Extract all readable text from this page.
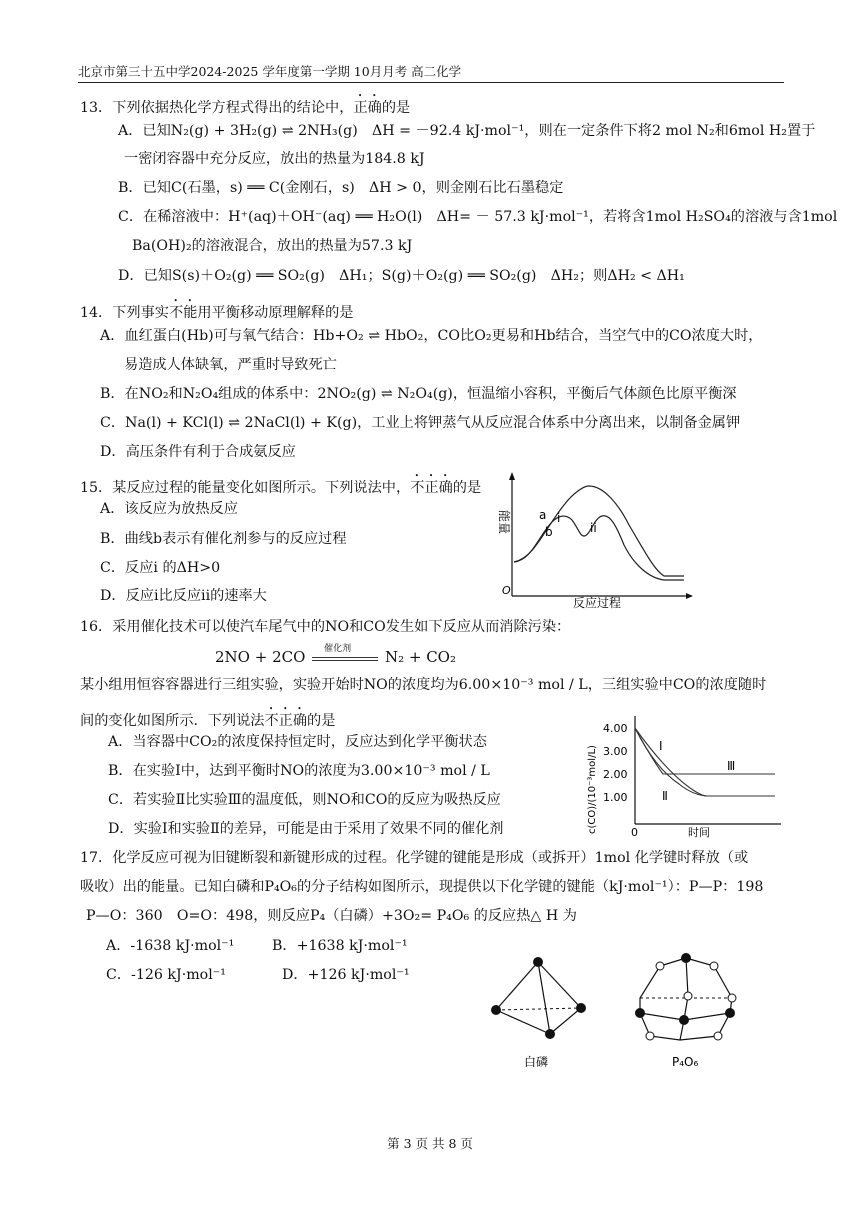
北京市第三十五中学2024-2025 学年度第一学期 10月月考 高二化学
13．下列依据热化学方程式得出的结论中，正确的是
A．已知N₂(g) + 3H₂(g) ⇌ 2NH₃(g)　ΔH = －92.4 kJ·mol⁻¹，则在一定条件下将2 mol N₂和6mol H₂置于
一密闭容器中充分反应，放出的热量为184.8 kJ
B．已知C(石墨，s) ══ C(金刚石，s)　ΔH > 0，则金刚石比石墨稳定
C．在稀溶液中：H⁺(aq)＋OH⁻(aq) ══ H₂O(l)　ΔH= － 57.3 kJ·mol⁻¹，若将含1mol H₂SO₄的溶液与含1mol
Ba(OH)₂的溶液混合，放出的热量为57.3 kJ
D．已知S(s)＋O₂(g) ══ SO₂(g)　ΔH₁；S(g)＋O₂(g) ══ SO₂(g)　ΔH₂；则ΔH₂ < ΔH₁
14．下列事实不能用平衡移动原理解释的是
A．血红蛋白(Hb)可与氧气结合：Hb+O₂ ⇌ HbO₂，CO比O₂更易和Hb结合，当空气中的CO浓度大时，
易造成人体缺氧，严重时导致死亡
B．在NO₂和N₂O₄组成的体系中：2NO₂(g) ⇌ N₂O₄(g)，恒温缩小容积，平衡后气体颜色比原平衡深
C．Na(l) + KCl(l) ⇌ 2NaCl(l) + K(g)，工业上将钾蒸气从反应混合体系中分离出来，以制备金属钾
D．高压条件有利于合成氨反应
15．某反应过程的能量变化如图所示。下列说法中，不正确的是
A．该反应为放热反应
B．曲线b表示有催化剂参与的反应过程
C．反应i 的ΔH>0
D．反应i比反应ii的速率大
能量
反应过程
O
a
b
i
ii
16．采用催化技术可以使汽车尾气中的NO和CO发生如下反应从而消除污染：
2NO + 2CO 催化剂 N₂ + CO₂
某小组用恒容容器进行三组实验，实验开始时NO的浓度均为6.00×10⁻³ mol / L，三组实验中CO的浓度随时
间的变化如图所示．下列说法不正确的是
A．当容器中CO₂的浓度保持恒定时，反应达到化学平衡状态
B．在实验Ⅰ中，达到平衡时NO的浓度为3.00×10⁻³ mol / L
C．若实验Ⅱ比实验Ⅲ的温度低，则NO和CO的反应为吸热反应
D．实验Ⅰ和实验Ⅱ的差异，可能是由于采用了效果不同的催化剂
4.00
3.00
2.00
1.00
c(CO)/(10⁻³mol/L)	0	时间
Ⅰ
Ⅱ
Ⅲ
17．化学反应可视为旧键断裂和新键形成的过程。化学键的键能是形成（或拆开）1mol 化学键时释放（或
吸收）出的能量。已知白磷和P₄O₆的分子结构如图所示，现提供以下化学键的键能（kJ·mol⁻¹）：P—P：198
P—O：360　O=O：498，则反应P₄（白磷）+3O₂= P₄O₆ 的反应热△ H 为
A．-1638 kJ·mol⁻¹	B．+1638 kJ·mol⁻¹
C．-126 kJ·mol⁻¹	D．+126 kJ·mol⁻¹
白磷	P₄O₆
第 3 页 共 8 页
